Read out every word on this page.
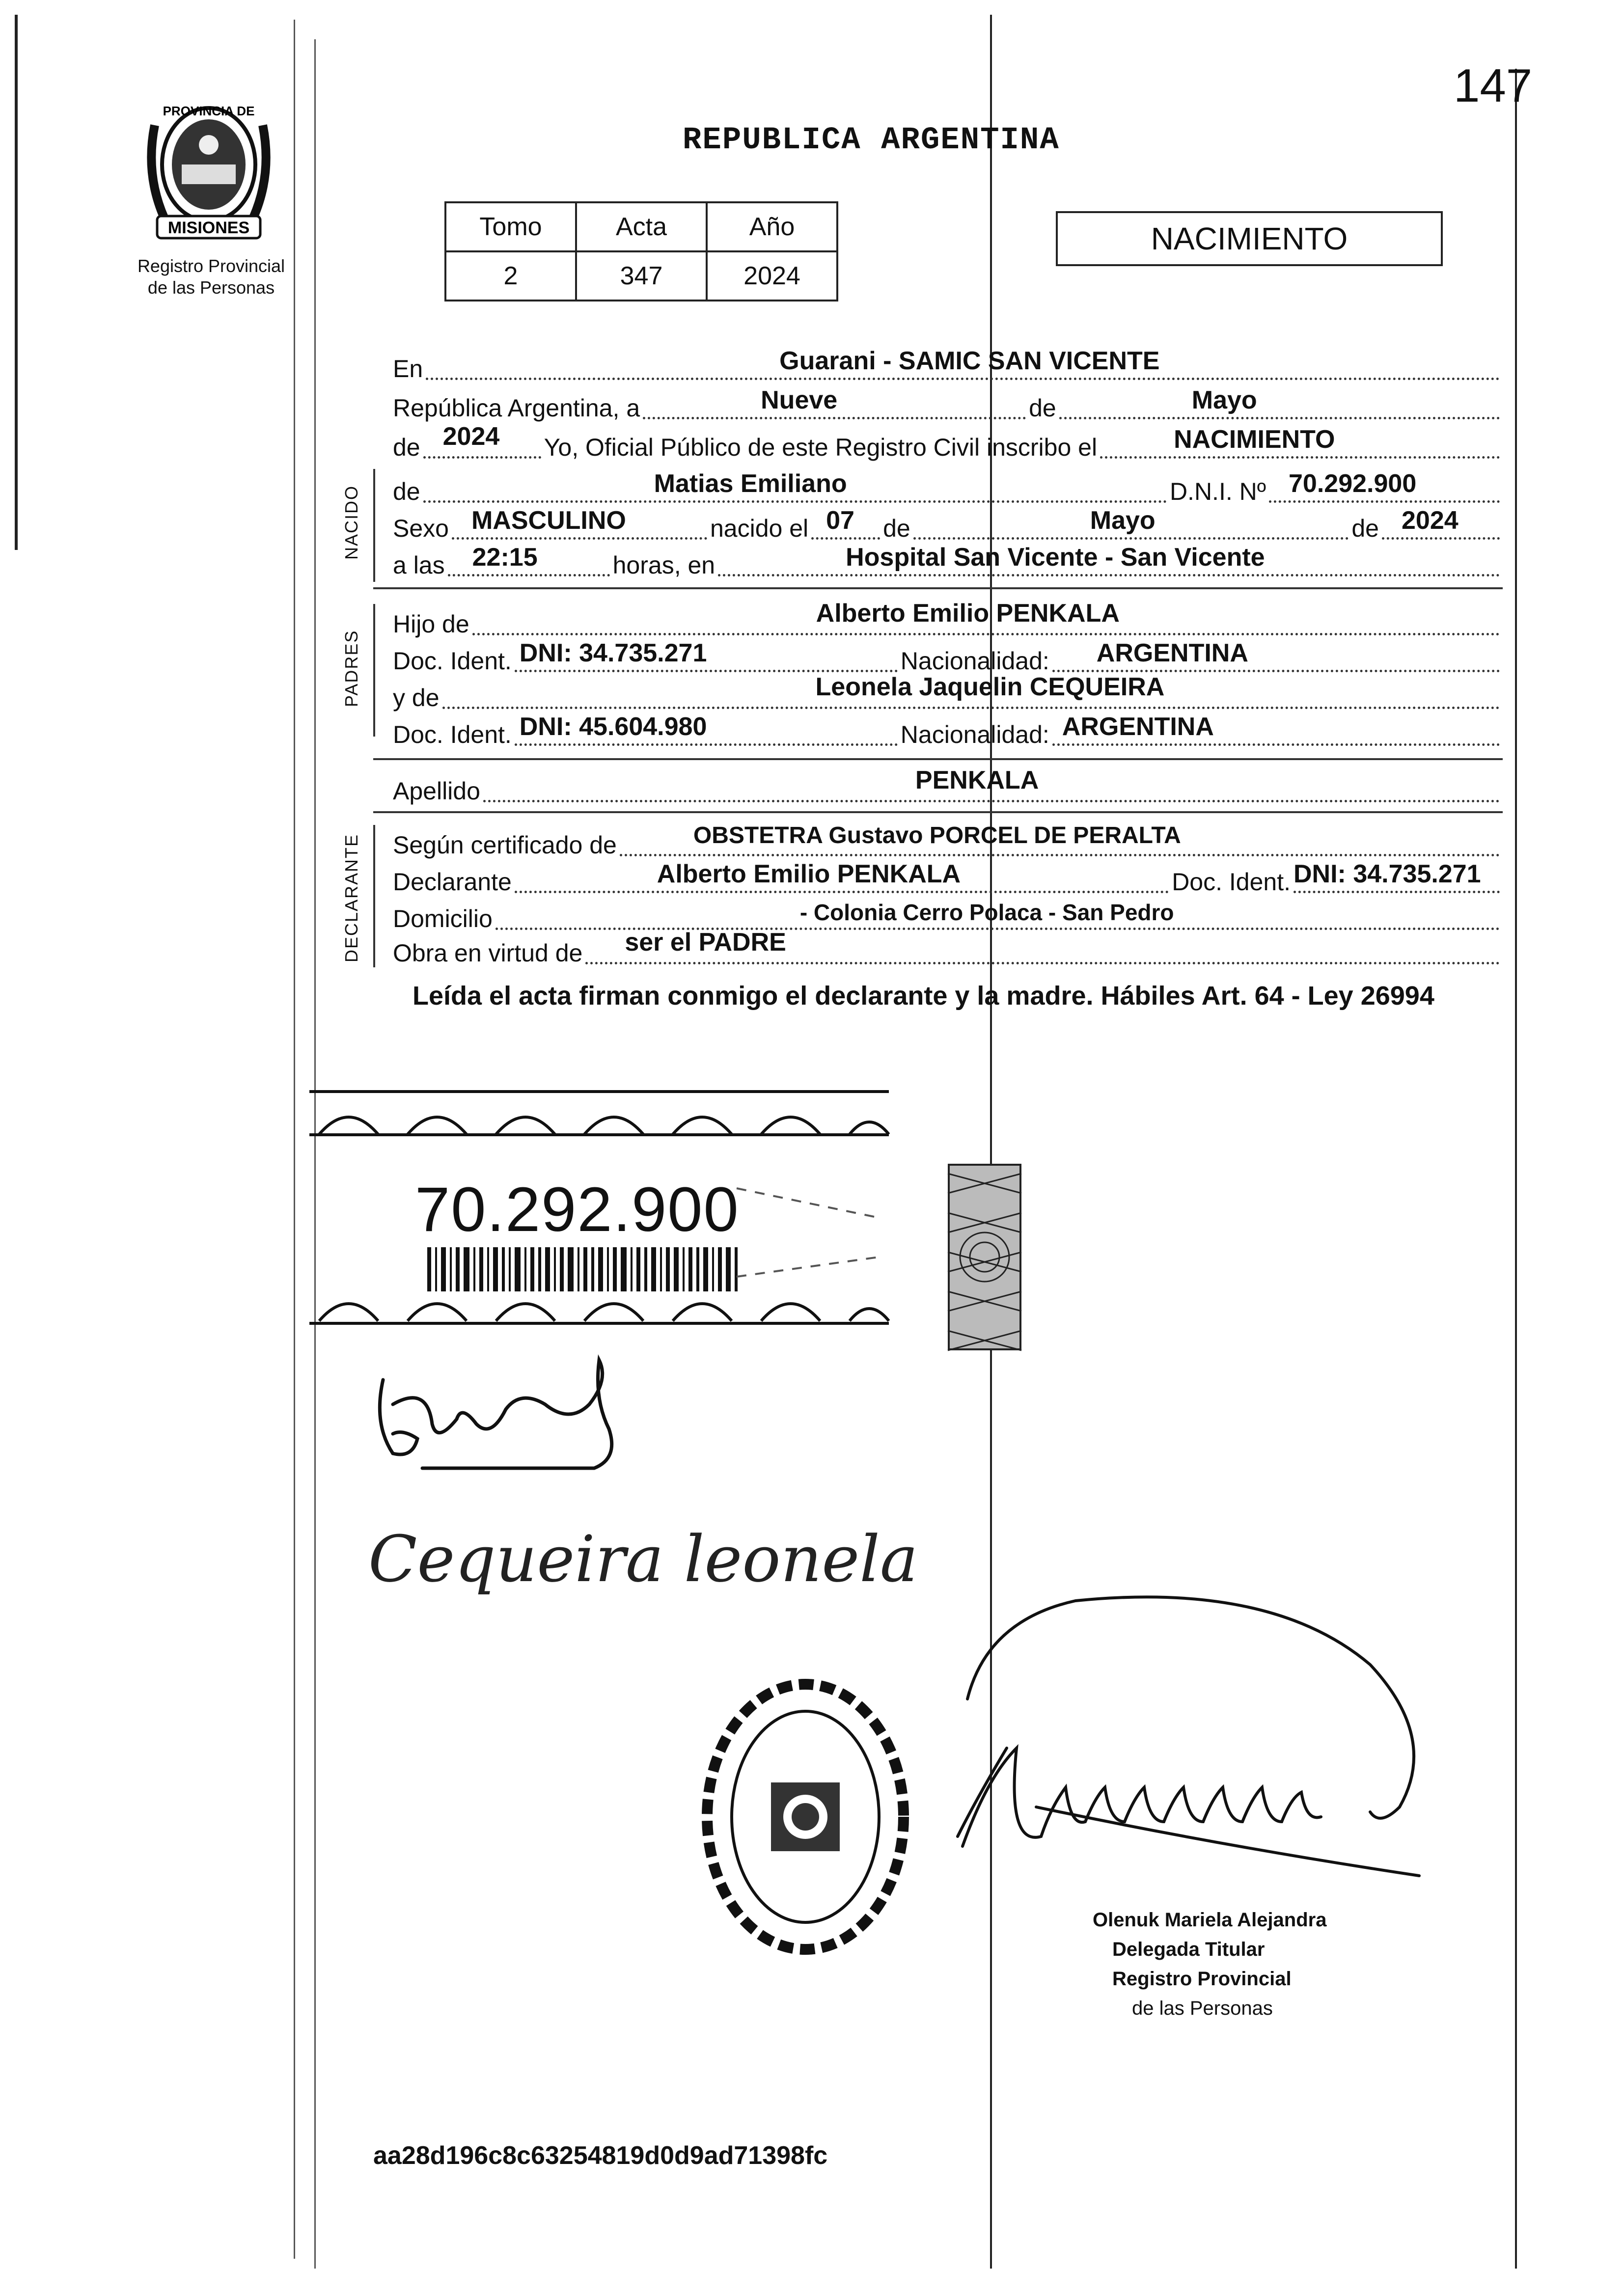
MISIONES
PROVINCIA DE
Registro Provincial
de las Personas
147
REPUBLICA ARGENTINA
Tomo	Acta	Año
2	347	2024
NACIMIENTO
En	Guarani - SAMIC SAN VICENTE
República Argentina, a	Nueve	de	Mayo
de 2024 Yo, Oficial Público de este Registro Civil inscribo el	NACIMIENTO
NACIDO de	Matias Emiliano	D.N.I. Nº 70.292.900
Sexo MASCULINO	nacido el 07 de	Mayo	de 2024
a las 22:15	horas, en	Hospital San Vicente - San Vicente
PADRES
Hijo de	Alberto Emilio PENKALA
Doc. Ident. DNI: 34.735.271	Nacionalidad: ARGENTINA
y de	Leonela Jaquelin CEQUEIRA
Doc. Ident. DNI: 45.604.980	Nacionalidad: ARGENTINA
Apellido	PENKALA
DECLARANTE Según certificado de	OBSTETRA Gustavo PORCEL DE PERALTA
Declarante	Alberto Emilio PENKALA	Doc. Ident. DNI: 34.735.271
Domicilio	- Colonia Cerro Polaca - San Pedro
Obra en virtud de ser el PADRE
Leída el acta firman conmigo el declarante y la madre. Hábiles Art. 64 - Ley 26994
70.292.900
Cequeira leonela
Olenuk Mariela Alejandra
Delegada Titular
Registro Provincial
de las Personas
aa28d196c8c63254819d0d9ad71398fc
